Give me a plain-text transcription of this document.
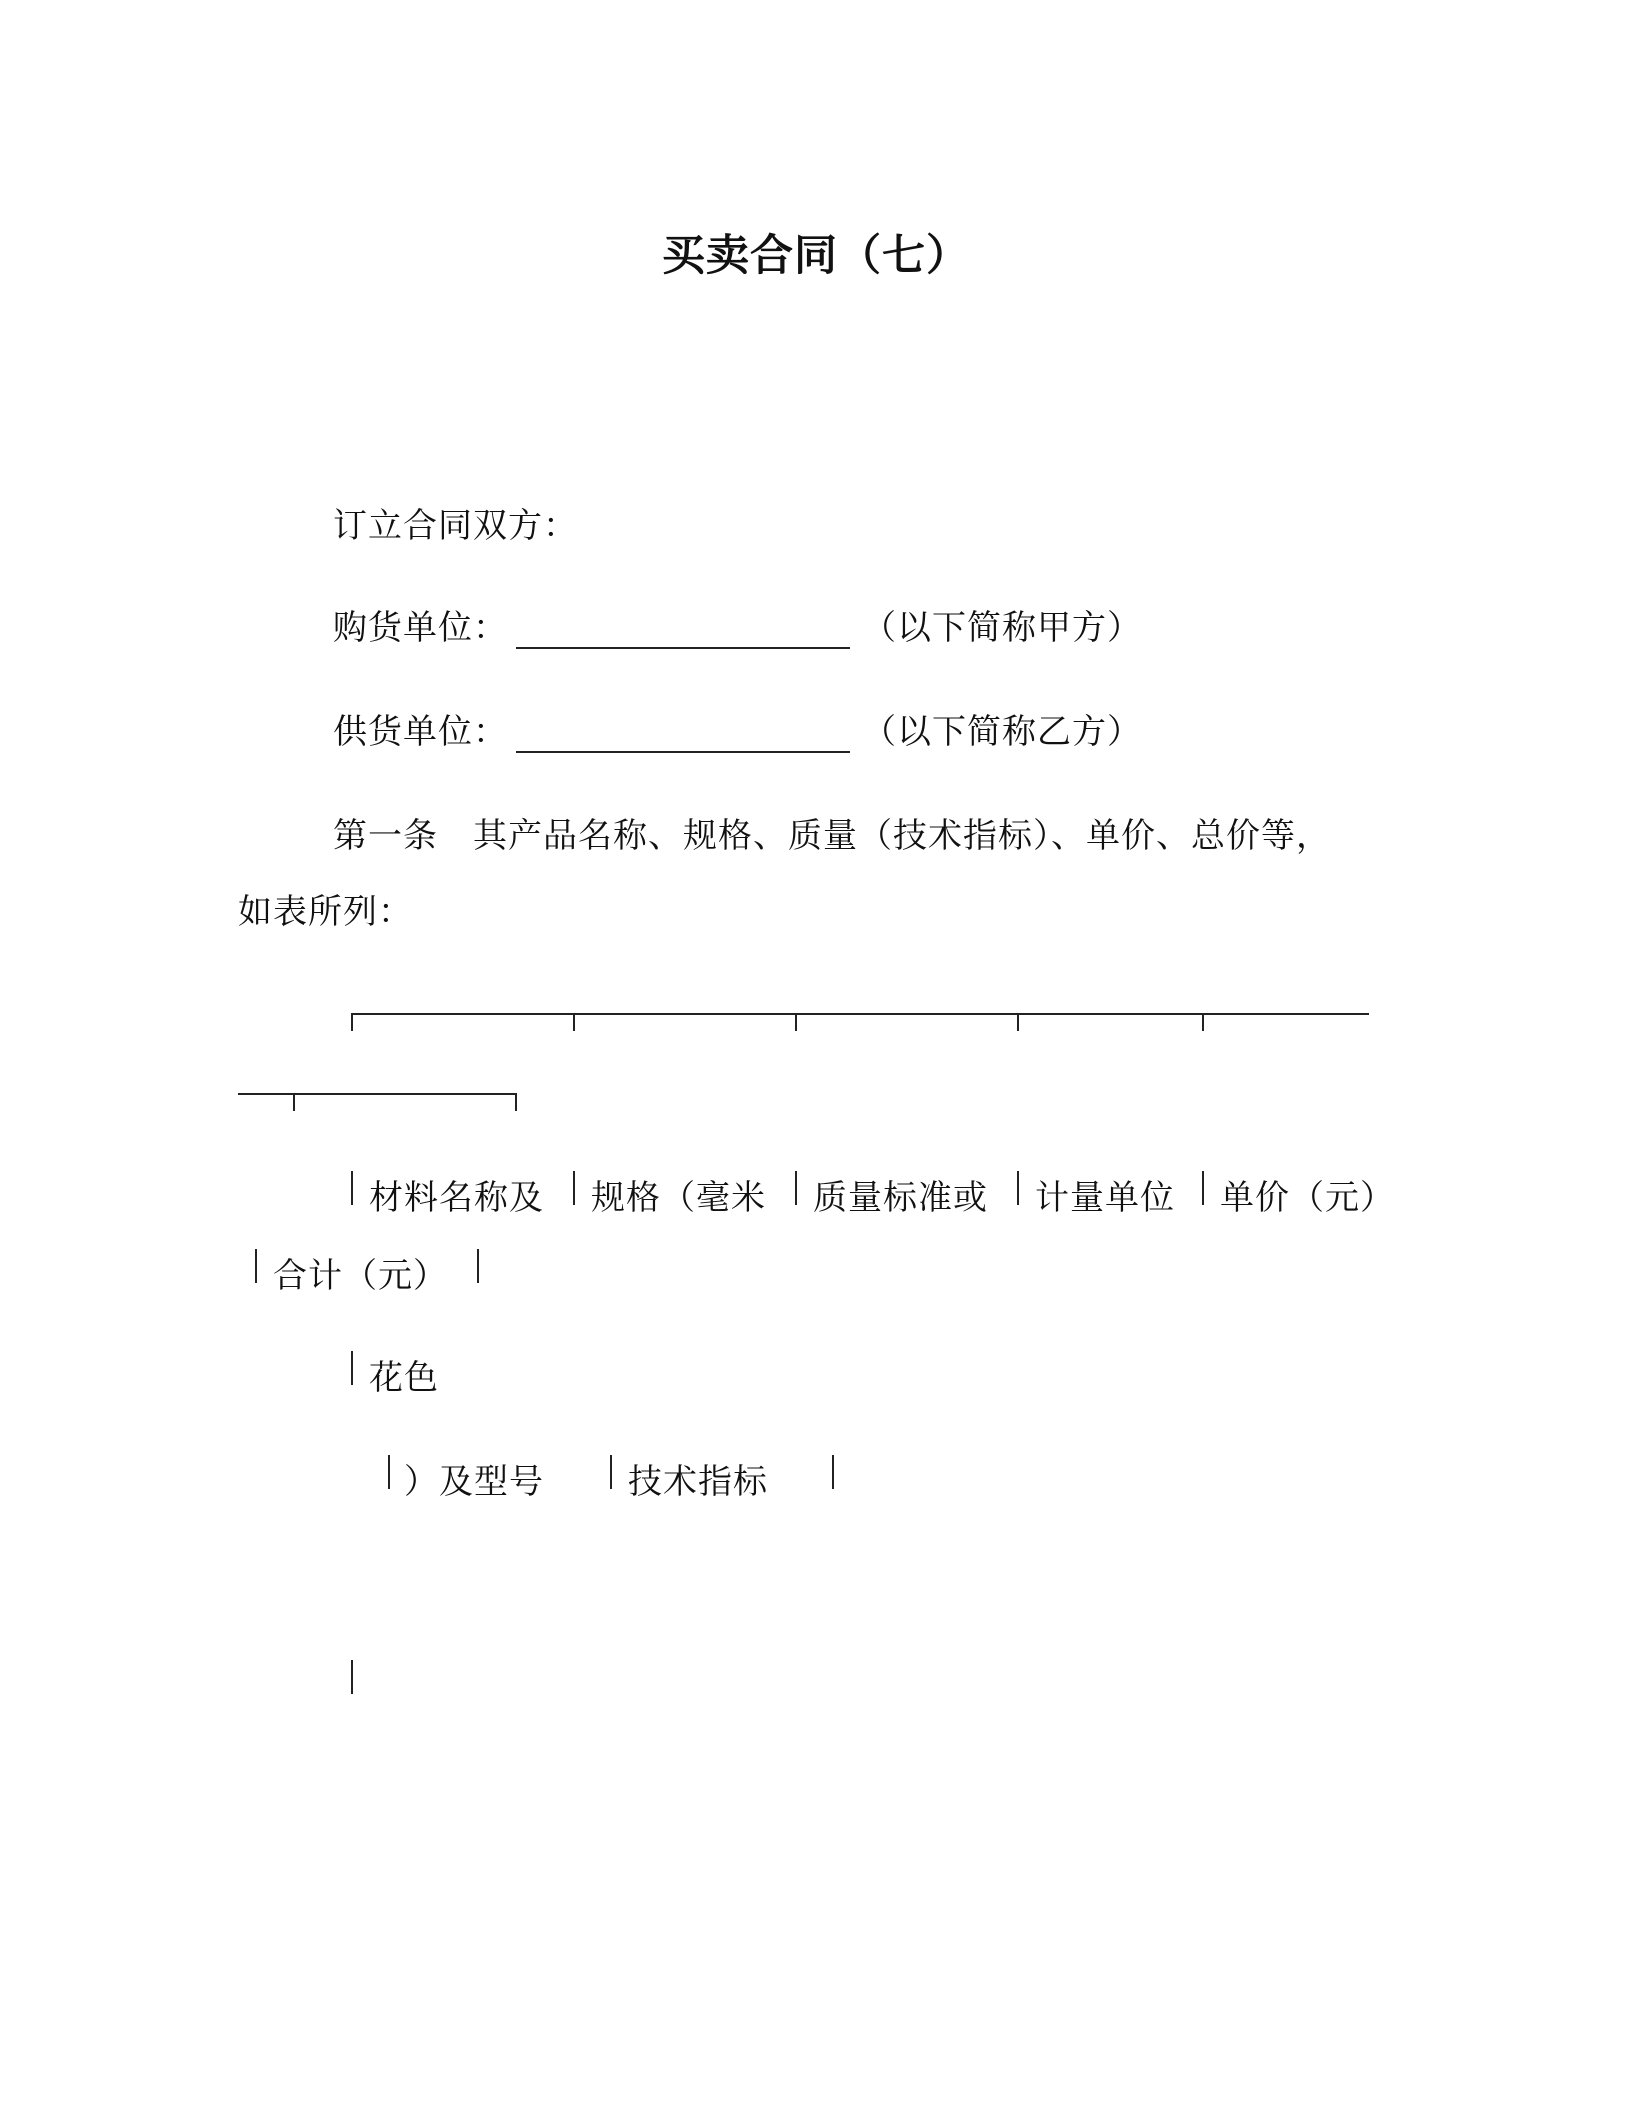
买卖合同（七）
订立合同双方：
购货单位：	（以下简称甲方）
供货单位：	（以下简称乙方）
第一条　其产品名称、规格、质量（技术指标）、单价、总价等，
如表所列：
材料名称及 规格（毫米 质量标准或 计量单位 单价（元）
合计（元）
花色
）及型号 技术指标
